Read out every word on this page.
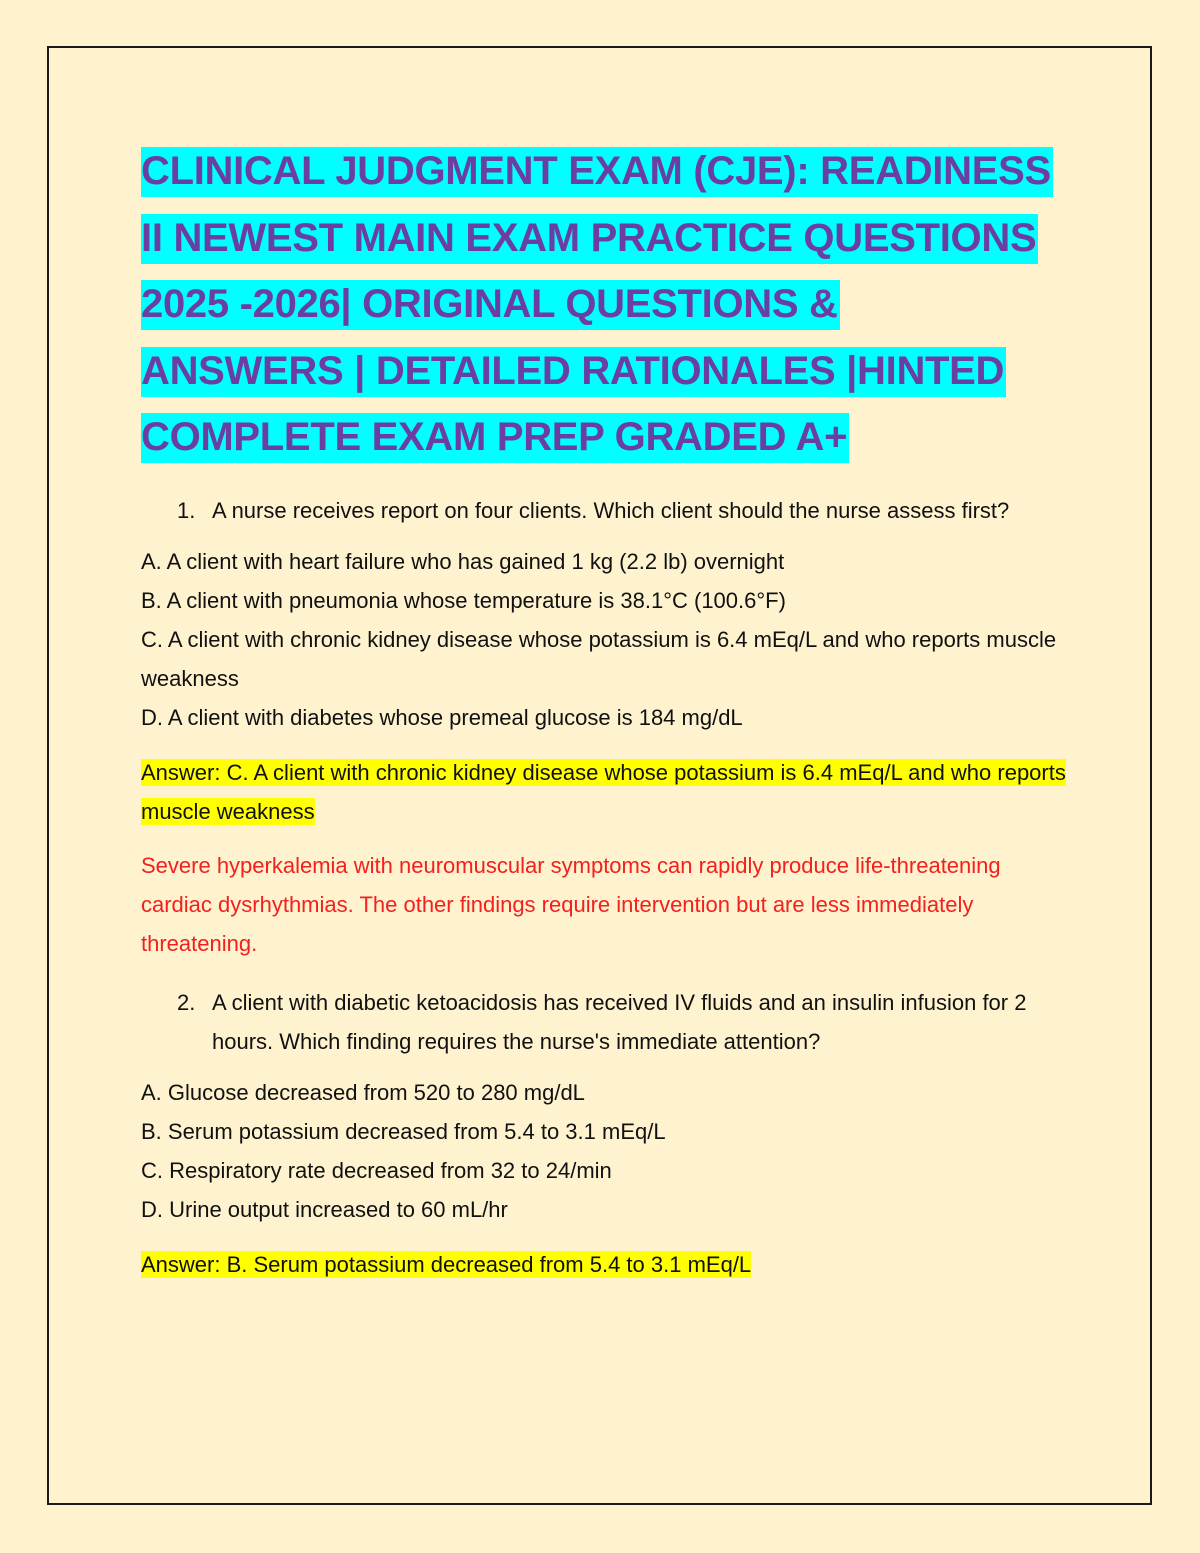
CLINICAL JUDGMENT EXAM (CJE): READINESS
II NEWEST MAIN EXAM PRACTICE QUESTIONS
2025 -2026| ORIGINAL QUESTIONS &
ANSWERS | DETAILED RATIONALES |HINTED
COMPLETE EXAM PREP GRADED A+

1. A nurse receives report on four clients. Which client should the nurse assess first?

A. A client with heart failure who has gained 1 kg (2.2 lb) overnight
B. A client with pneumonia whose temperature is 38.1°C (100.6°F)
C. A client with chronic kidney disease whose potassium is 6.4 mEq/L and who reports muscle weakness
D. A client with diabetes whose premeal glucose is 184 mg/dL

Answer: C. A client with chronic kidney disease whose potassium is 6.4 mEq/L and who reports muscle weakness

Severe hyperkalemia with neuromuscular symptoms can rapidly produce life-threatening cardiac dysrhythmias. The other findings require intervention but are less immediately threatening.

2. A client with diabetic ketoacidosis has received IV fluids and an insulin infusion for 2 hours. Which finding requires the nurse's immediate attention?

A. Glucose decreased from 520 to 280 mg/dL
B. Serum potassium decreased from 5.4 to 3.1 mEq/L
C. Respiratory rate decreased from 32 to 24/min
D. Urine output increased to 60 mL/hr

Answer: B. Serum potassium decreased from 5.4 to 3.1 mEq/L
